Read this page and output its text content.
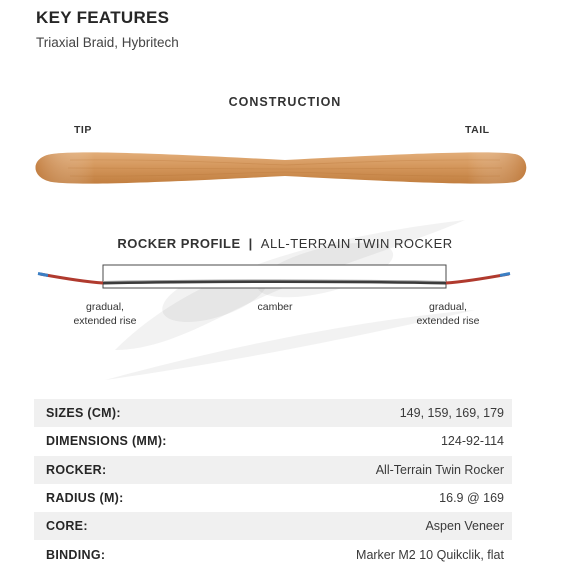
KEY FEATURES
Triaxial Braid, Hybritech
CONSTRUCTION
TIP	TAIL
ROCKER PROFILE | ALL-TERRAIN TWIN ROCKER
gradual,
extended rise
camber	gradual,
extended rise
SIZES (CM):	149, 159, 169, 179
DIMENSIONS (MM):	124-92-114
ROCKER:	All-Terrain Twin Rocker
RADIUS (M):	16.9 @ 169
CORE:	Aspen Veneer
BINDING:	Marker M2 10 Quikclik, flat
